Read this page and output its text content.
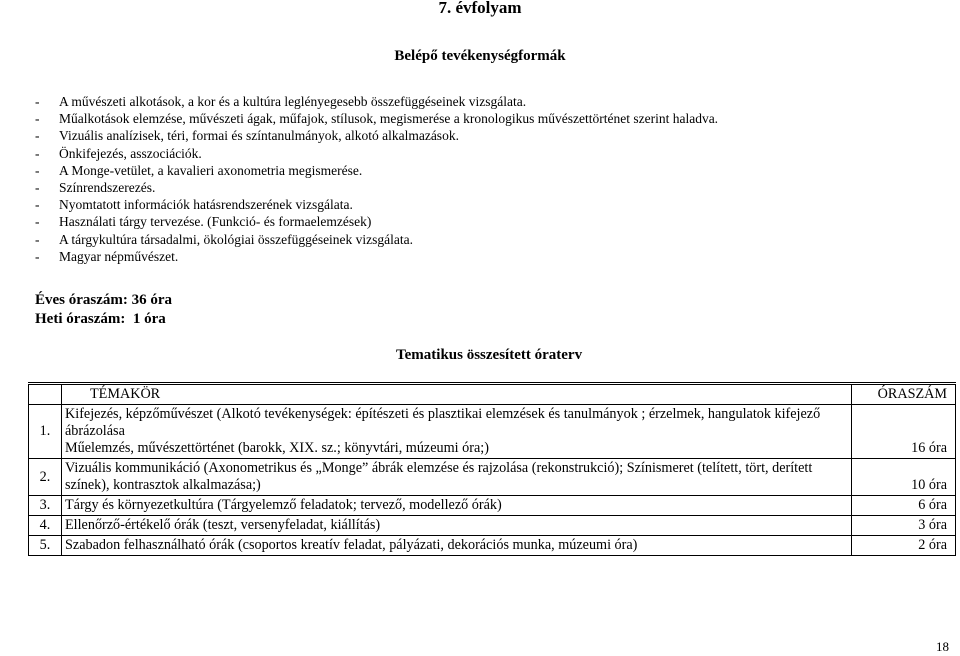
7. évfolyam
Belépő tevékenységformák
- A művészeti alkotások, a kor és a kultúra leglényegesebb összefüggéseinek vizsgálata.
- Műalkotások elemzése, művészeti ágak, műfajok, stílusok, megismerése a kronologikus művészettörténet szerint haladva.
- Vizuális analízisek, téri, formai és színtanulmányok, alkotó alkalmazások.
- Önkifejezés, asszociációk.
- A Monge-vetület, a kavalieri axonometria megismerése.
- Színrendszerezés.
- Nyomtatott információk hatásrendszerének vizsgálata.
- Használati tárgy tervezése. (Funkció- és formaelemzések)
- A tárgykultúra társadalmi, ökológiai összefüggéseinek vizsgálata.
- Magyar népművészet.
Éves óraszám: 36 óra
Heti óraszám:  1 óra
Tematikus összesített óraterv
	TÉMAKÖR	ÓRASZÁM
1.	Kifejezés, képzőművészet (Alkotó tevékenységek: építészeti és plasztikai elemzések és tanulmányok ; érzelmek, hangulatok kifejező ábrázolása
Műelemzés, művészettörténet (barokk, XIX. sz.; könyvtári, múzeumi óra;)	16 óra
2.	Vizuális kommunikáció (Axonometrikus és „Monge” ábrák elemzése és rajzolása (rekonstrukció); Színismeret (telített, tört, derített színek), kontrasztok alkalmazása;)	10 óra
3.	Tárgy és környezetkultúra (Tárgyelemző feladatok; tervező, modellező órák)	6 óra
4.	Ellenőrző-értékelő órák (teszt, versenyfeladat, kiállítás)	3 óra
5.	Szabadon felhasználható órák (csoportos kreatív feladat, pályázati, dekorációs munka, múzeumi óra)	2 óra
18
